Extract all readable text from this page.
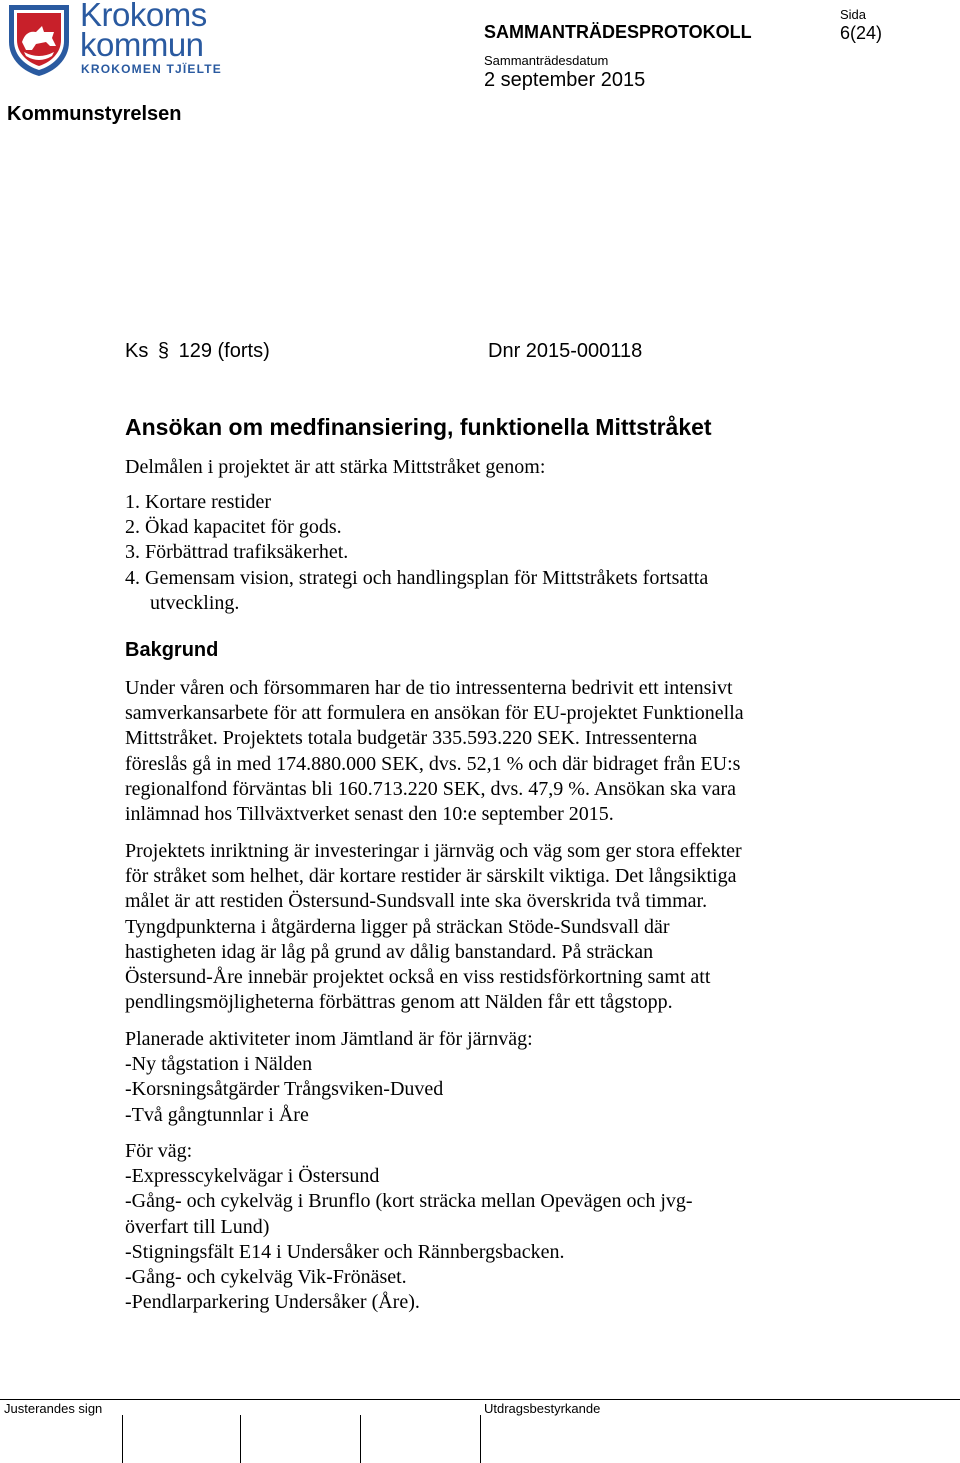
Krokoms
kommun
KROKOMEN TJÏELTE
SAMMANTRÄDESPROTOKOLL
Sammanträdesdatum
2 september 2015
Sida
6(24)
Kommunstyrelsen
Ks § 129 (forts)	Dnr 2015-000118
Ansökan om medfinansiering, funktionella Mittstråket
Delmålen i projektet är att stärka Mittstråket genom:
1. Kortare restider
2. Ökad kapacitet för gods.
3. Förbättrad trafiksäkerhet.
4. Gemensam vision, strategi och handlingsplan för Mittstråkets fortsatta
utveckling.
Bakgrund
Under våren och försommaren har de tio intressenterna bedrivit ett intensivt
samverkansarbete för att formulera en ansökan för EU-projektet Funktionella
Mittstråket. Projektets totala budgetär 335.593.220 SEK. Intressenterna
föreslås gå in med 174.880.000 SEK, dvs. 52,1 % och där bidraget från EU:s
regionalfond förväntas bli 160.713.220 SEK, dvs. 47,9 %. Ansökan ska vara
inlämnad hos Tillväxtverket senast den 10:e september 2015.
Projektets inriktning är investeringar i järnväg och väg som ger stora effekter
för stråket som helhet, där kortare restider är särskilt viktiga. Det långsiktiga
målet är att restiden Östersund-Sundsvall inte ska överskrida två timmar.
Tyngdpunkterna i åtgärderna ligger på sträckan Stöde-Sundsvall där
hastigheten idag är låg på grund av dålig banstandard. På sträckan
Östersund-Åre innebär projektet också en viss restidsförkortning samt att
pendlingsmöjligheterna förbättras genom att Nälden får ett tågstopp.
Planerade aktiviteter inom Jämtland är för järnväg:
-Ny tågstation i Nälden
-Korsningsåtgärder Trångsviken-Duved
-Två gångtunnlar i Åre
För väg:
-Expresscykelvägar i Östersund
-Gång- och cykelväg i Brunflo (kort sträcka mellan Opevägen och jvg-
överfart till Lund)
-Stigningsfält E14 i Undersåker och Rännbergsbacken.
-Gång- och cykelväg Vik-Frönäset.
-Pendlarparkering Undersåker (Åre).
Justerandes sign	Utdragsbestyrkande
